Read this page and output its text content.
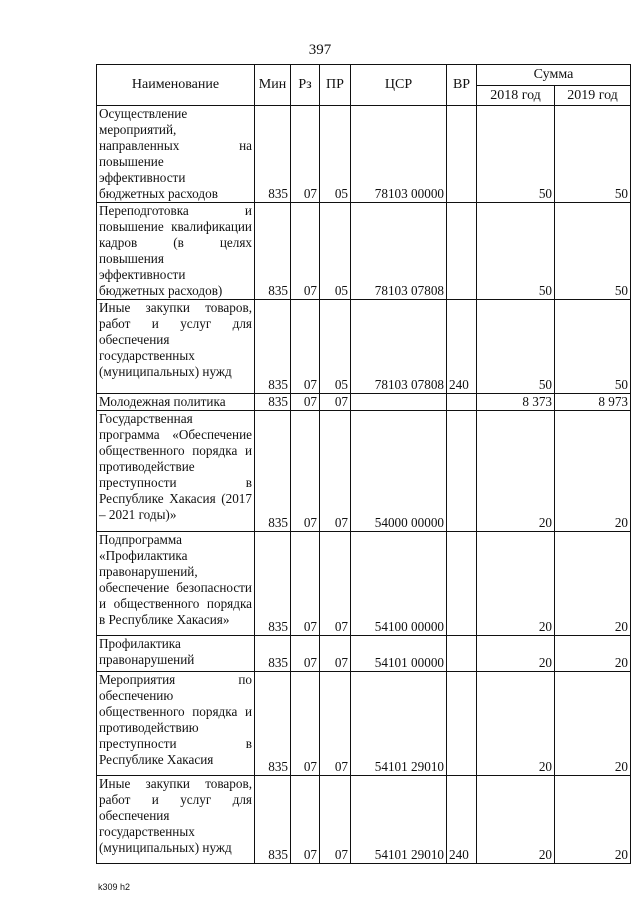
397
Наименование	Мин	Рз	ПР	ЦСР	ВР	Сумма	
						2018 год	2019 год
Осуществление мероприятий, направленных на повышение эффективности бюджетных расходов	835	07	05	78103 00000		50	50
Переподготовка и повышение квалификации кадров (в целях повышения эффективности бюджетных расходов)	835	07	05	78103 07808		50	50
Иные закупки товаров, работ и услуг для обеспечения государственных (муниципальных) нужд	835	07	05	78103 07808	240	50	50
Молодежная политика	835	07	07			8 373	8 973
Государственная программа «Обеспечение общественного порядка и противодействие преступности в Республике Хакасия (2017 – 2021 годы)»	835	07	07	54000 00000		20	20
Подпрограмма «Профилактика правонарушений, обеспечение безопасности и общественного порядка в Республике Хакасия»	835	07	07	54100 00000		20	20
Профилактика правонарушений	835	07	07	54101 00000		20	20
Мероприятия по обеспечению общественного порядка и противодействию преступности в Республике Хакасия	835	07	07	54101 29010		20	20
Иные закупки товаров, работ и услуг для обеспечения государственных (муниципальных) нужд	835	07	07	54101 29010	240	20	20
k309 h2
